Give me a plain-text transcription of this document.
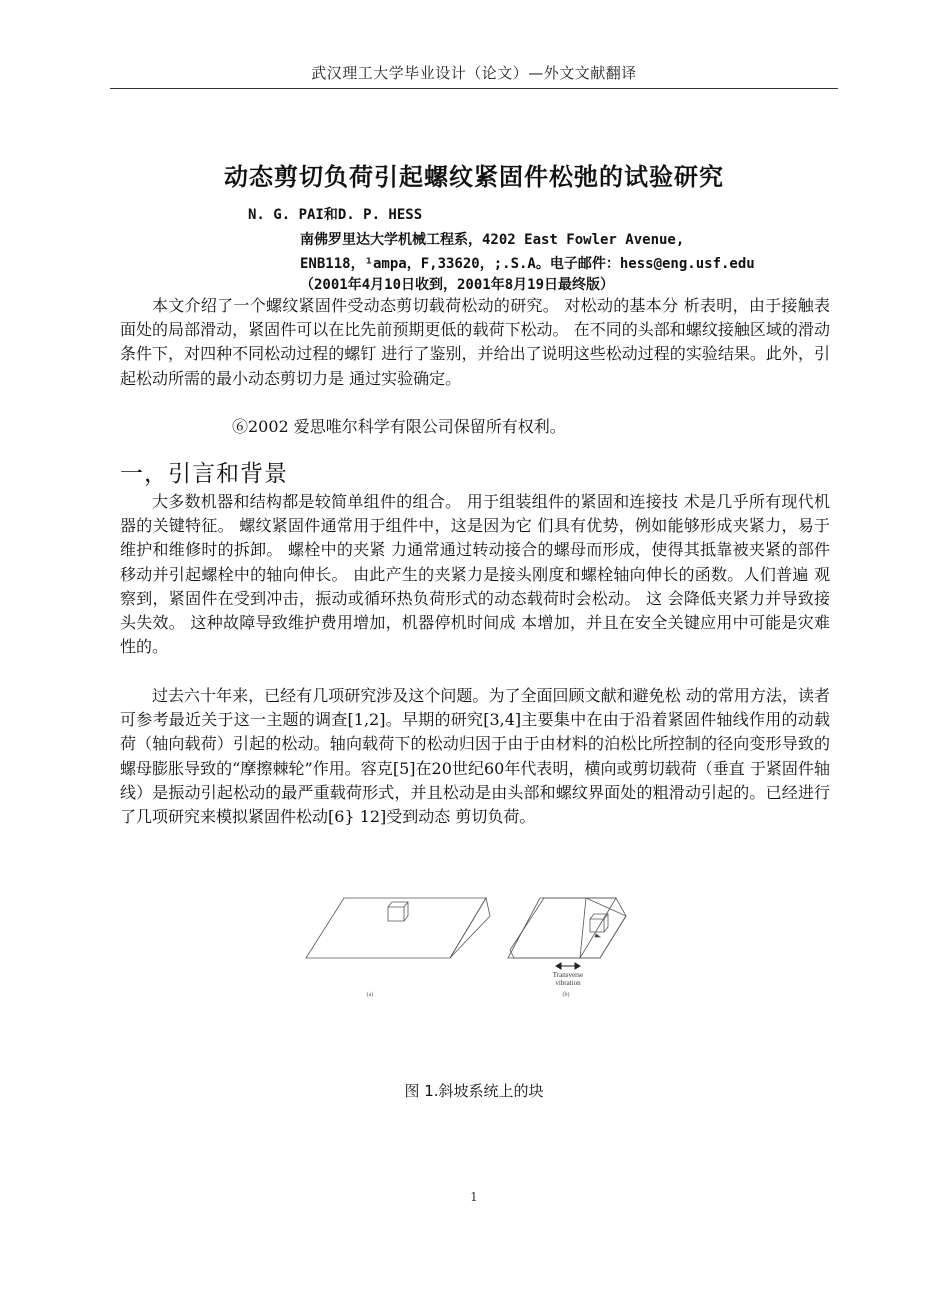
武汉理工大学毕业设计（论文）—外文文献翻译
动态剪切负荷引起螺纹紧固件松弛的试验研究
N. G. PAI和D. P. HESS
南佛罗里达大学机械工程系，4202 East Fowler Avenue,
ENB118，¹ampa，F,33620，;.S.A。电子邮件：hess@eng.usf.edu
（2001年4月10日收到，2001年8月19日最终版）

本文介绍了一个螺纹紧固件受动态剪切载荷松动的研究。 对松动的基本分 析表明，由于接触表面处的局部滑动，紧固件可以在比先前预期更低的载荷下松动。 在不同的头部和螺纹接触区域的滑动条件下，对四种不同松动过程的螺钉 进行了鉴别，并给出了说明这些松动过程的实验结果。此外，引起松动所需的最小动态剪切力是 通过实验确定。

⑥2002 爱思唯尔科学有限公司保留所有权利。
一，引言和背景

大多数机器和结构都是较简单组件的组合。 用于组装组件的紧固和连接技 术是几乎所有现代机器的关键特征。 螺纹紧固件通常用于组件中，这是因为它 们具有优势，例如能够形成夹紧力，易于维护和维修时的拆卸。 螺栓中的夹紧 力通常通过转动接合的螺母而形成，使得其抵靠被夹紧的部件移动并引起螺栓中的轴向伸长。 由此产生的夹紧力是接头刚度和螺栓轴向伸长的函数。人们普遍 观察到，紧固件在受到冲击，振动或循环热负荷形式的动态载荷时会松动。 这 会降低夹紧力并导致接头失效。 这种故障导致维护费用增加，机器停机时间成 本增加，并且在安全关键应用中可能是灾难性的。

过去六十年来，已经有几项研究涉及这个问题。为了全面回顾文献和避免松 动的常用方法，读者可参考最近关于这一主题的调查[1,2]。早期的研究[3,4]主要集中在由于沿着紧固件轴线作用的动载荷（轴向载荷）引起的松动。轴向载荷下的松动归因于由于由材料的泊松比所控制的径向变形导致的螺母膨胀导致的“摩擦棘轮”作用。容克[5]在20世纪60年代表明，横向或剪切载荷（垂直 于紧固件轴线）是振动引起松动的最严重载荷形式，并且松动是由头部和螺纹界面处的粗滑动引起的。已经进行了几项研究来模拟紧固件松动[6} 12]受到动态 剪切负荷。

Transverse
vibration
(a)	(b)
图 1.斜坡系统上的块
1
